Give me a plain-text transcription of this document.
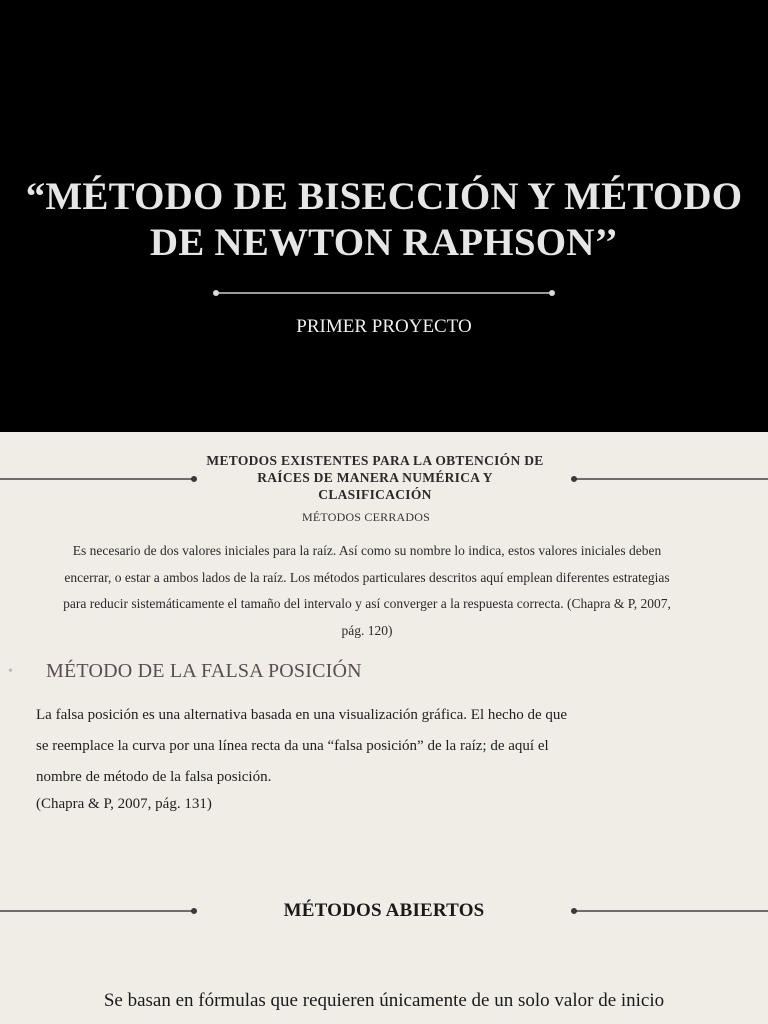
“MÉTODO DE BISECCIÓN Y MÉTODO
DE NEWTON RAPHSON’’
PRIMER PROYECTO
METODOS EXISTENTES PARA LA OBTENCIÓN DE
RAÍCES DE MANERA NUMÉRICA Y
CLASIFICACIÓN
MÉTODOS CERRADOS

Es necesario de dos valores iniciales para la raíz. Así como su nombre lo indica, estos valores iniciales deben
encerrar, o estar a ambos lados de la raíz. Los métodos particulares descritos aquí emplean diferentes estrategias
para reducir sistemáticamente el tamaño del intervalo y así converger a la respuesta correcta. (Chapra & P, 2007,
pág. 120)

• MÉTODO DE LA FALSA POSICIÓN

La falsa posición es una alternativa basada en una visualización gráfica. El hecho de que
se reemplace la curva por una línea recta da una “falsa posición” de la raíz; de aquí el
nombre de método de la falsa posición.
(Chapra & P, 2007, pág. 131)

MÉTODOS ABIERTOS
Se basan en fórmulas que requieren únicamente de un solo valor de inicio
